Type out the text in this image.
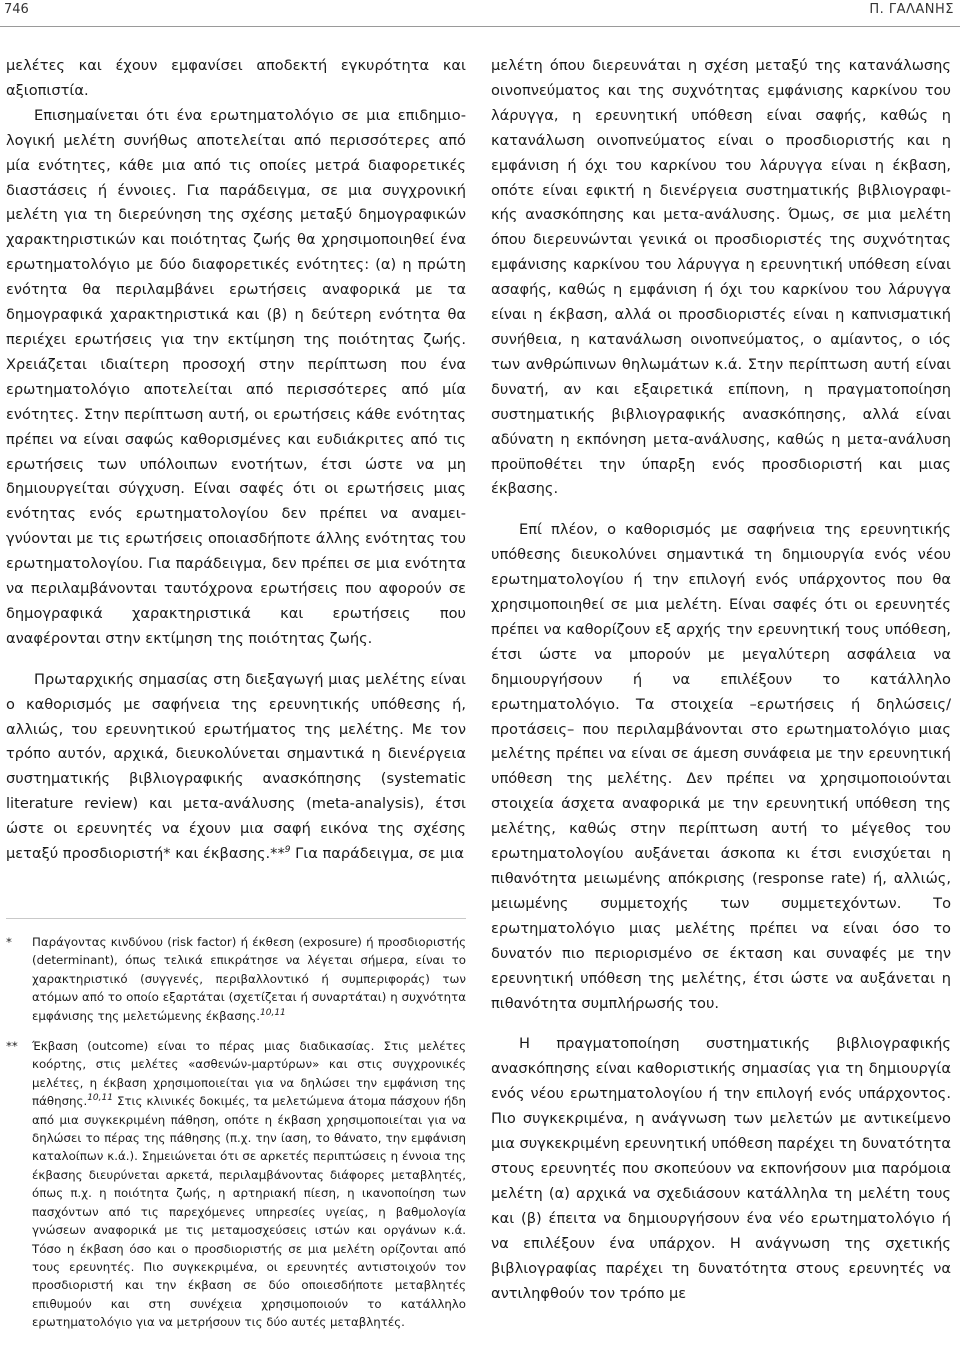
746	Π. ΓΑΛΑΝΗΣ

μελέτες και έχουν εμφανίσει αποδεκτή εγκυρότητα και αξιοπιστία.

Επισημαίνεται ότι ένα ερωτηματολόγιο σε μια επιδημιολογική μελέτη συνήθως αποτελείται από περισσότερες από μία ενότητες, κάθε μια από τις οποίες μετρά διαφορετικές διαστάσεις ή έννοιες. Για παράδειγμα, σε μια συγχρονική μελέτη για τη διερεύνηση της σχέσης μεταξύ δημογραφικών χαρακτηριστικών και ποιότητας ζωής θα χρησιμοποιηθεί ένα ερωτηματολόγιο με δύο διαφορετικές ενότητες: (α) η πρώτη ενότητα θα περιλαμβάνει ερωτήσεις αναφορικά με τα δημογραφικά χαρακτηριστικά και (β) η δεύτερη ενότητα θα περιέχει ερωτήσεις για την εκτίμηση της ποιότητας ζωής. Χρειάζεται ιδιαίτερη προσοχή στην περίπτωση που ένα ερωτηματολόγιο αποτελείται από περισσότερες από μία ενότητες. Στην περίπτωση αυτή, οι ερωτήσεις κάθε ενότητας πρέπει να είναι σαφώς καθορισμένες και ευδιάκριτες από τις ερωτήσεις των υπόλοιπων ενοτήτων, έτσι ώστε να μη δημιουργείται σύγχυση. Είναι σαφές ότι οι ερωτήσεις μιας ενότητας ενός ερωτηματολογίου δεν πρέπει να αναμειγνύονται με τις ερωτήσεις οποιασδήποτε άλλης ενότητας του ερωτηματολογίου. Για παράδειγμα, δεν πρέπει σε μια ενότητα να περιλαμβάνονται ταυτόχρονα ερωτήσεις που αφορούν σε δημογραφικά χαρακτηριστικά και ερωτήσεις που αναφέρονται στην εκτίμηση της ποιότητας ζωής.

Πρωταρχικής σημασίας στη διεξαγωγή μιας μελέτης είναι ο καθορισμός με σαφήνεια της ερευνητικής υπόθεσης ή, αλλιώς, του ερευνητικού ερωτήματος της μελέτης. Με τον τρόπο αυτόν, αρχικά, διευκολύνεται σημαντικά η διενέργεια συστηματικής βιβλιογραφικής ανασκόπησης (systematic literature review) και μετα-ανάλυσης (meta-analysis), έτσι ώστε οι ερευνητές να έχουν μια σαφή εικόνα της σχέσης μεταξύ προσδιοριστή* και έκβασης.**$^9$ Για παράδειγμα, σε μια

* Παράγοντας κινδύνου (risk factor) ή έκθεση (exposure) ή προσδιοριστής (determinant), όπως τελικά επικράτησε να λέγεται σήμερα, είναι το χαρακτηριστικό (συγγενές, περιβαλλοντικό ή συμπεριφοράς) των ατόμων από το οποίο εξαρτάται (σχετίζεται ή συναρτάται) η συχνότητα εμφάνισης της μελετώμενης έκβασης.$^{10,11}$

** Έκβαση (outcome) είναι το πέρας μιας διαδικασίας. Στις μελέτες κοόρτης, στις μελέτες «ασθενών-μαρτύρων» και στις συγχρονικές μελέτες, η έκβαση χρησιμοποιείται για να δηλώσει την εμφάνιση της πάθησης.$^{10,11}$ Στις κλινικές δοκιμές, τα μελετώμενα άτομα πάσχουν ήδη από μια συγκεκριμένη πάθηση, οπότε η έκβαση χρησιμοποιείται για να δηλώσει το πέρας της πάθησης (π.χ. την ίαση, το θάνατο, την εμφάνιση καταλοίπων κ.ά.). Σημειώνεται ότι σε αρκετές περιπτώσεις η έννοια της έκβασης διευρύνεται αρκετά, περιλαμβάνοντας διάφορες μεταβλητές, όπως π.χ. η ποιότητα ζωής, η αρτηριακή πίεση, η ικανοποίηση των πασχόντων από τις παρεχόμενες υπηρεσίες υγείας, η βαθμολογία γνώσεων αναφορικά με τις μεταμοσχεύσεις ιστών και οργάνων κ.ά. Τόσο η έκβαση όσο και ο προσδιοριστής σε μια μελέτη ορίζονται από τους ερευνητές. Πιο συγκεκριμένα, οι ερευνητές αντιστοιχούν τον προσδιοριστή και την έκβαση σε δύο οποιεσδήποτε μεταβλητές επιθυμούν και στη συνέχεια χρησιμοποιούν το κατάλληλο ερωτηματολόγιο για να μετρήσουν τις δύο αυτές μεταβλητές.

μελέτη όπου διερευνάται η σχέση μεταξύ της κατανάλωσης οινοπνεύματος και της συχνότητας εμφάνισης καρκίνου του λάρυγγα, η ερευνητική υπόθεση είναι σαφής, καθώς η κατανάλωση οινοπνεύματος είναι ο προσδιοριστής και η εμφάνιση ή όχι του καρκίνου του λάρυγγα είναι η έκβαση, οπότε είναι εφικτή η διενέργεια συστηματικής βιβλιογραφικής ανασκόπησης και μετα-ανάλυσης. Όμως, σε μια μελέτη όπου διερευνώνται γενικά οι προσδιοριστές της συχνότητας εμφάνισης καρκίνου του λάρυγγα η ερευνητική υπόθεση είναι ασαφής, καθώς η εμφάνιση ή όχι του καρκίνου του λάρυγγα είναι η έκβαση, αλλά οι προσδιοριστές είναι η καπνισματική συνήθεια, η κατανάλωση οινοπνεύματος, ο αμίαντος, ο ιός των ανθρώπινων θηλωμάτων κ.ά. Στην περίπτωση αυτή είναι δυνατή, αν και εξαιρετικά επίπονη, η πραγματοποίηση συστηματικής βιβλιογραφικής ανασκόπησης, αλλά είναι αδύνατη η εκπόνηση μετα-ανάλυσης, καθώς η μετα-ανάλυση προϋποθέτει την ύπαρξη ενός προσδιοριστή και μιας έκβασης.

Επί πλέον, ο καθορισμός με σαφήνεια της ερευνητικής υπόθεσης διευκολύνει σημαντικά τη δημιουργία ενός νέου ερωτηματολογίου ή την επιλογή ενός υπάρχοντος που θα χρησιμοποιηθεί σε μια μελέτη. Είναι σαφές ότι οι ερευνητές πρέπει να καθορίζουν εξ αρχής την ερευνητική τους υπόθεση, έτσι ώστε να μπορούν με μεγαλύτερη ασφάλεια να δημιουργήσουν ή να επιλέξουν το κατάλληλο ερωτηματολόγιο. Τα στοιχεία –ερωτήσεις ή δηλώσεις/ προτάσεις– που περιλαμβάνονται στο ερωτηματολόγιο μιας μελέτης πρέπει να είναι σε άμεση συνάφεια με την ερευνητική υπόθεση της μελέτης. Δεν πρέπει να χρησιμοποιούνται στοιχεία άσχετα αναφορικά με την ερευνητική υπόθεση της μελέτης, καθώς στην περίπτωση αυτή το μέγεθος του ερωτηματολογίου αυξάνεται άσκοπα κι έτσι ενισχύεται η πιθανότητα μειωμένης απόκρισης (response rate) ή, αλλιώς, μειωμένης συμμετοχής των συμμετεχόντων. Το ερωτηματολόγιο μιας μελέτης πρέπει να είναι όσο το δυνατόν πιο περιορισμένο σε έκταση και συναφές με την ερευνητική υπόθεση της μελέτης, έτσι ώστε να αυξάνεται η πιθανότητα συμπλήρωσής του.

Η πραγματοποίηση συστηματικής βιβλιογραφικής ανασκόπησης είναι καθοριστικής σημασίας για τη δημιουργία ενός νέου ερωτηματολογίου ή την επιλογή ενός υπάρχοντος. Πιο συγκεκριμένα, η ανάγνωση των μελετών με αντικείμενο μια συγκεκριμένη ερευνητική υπόθεση παρέχει τη δυνατότητα στους ερευνητές που σκοπεύουν να εκπονήσουν μια παρόμοια μελέτη (α) αρχικά να σχεδιάσουν κατάλληλα τη μελέτη τους και (β) έπειτα να δημιουργήσουν ένα νέο ερωτηματολόγιο ή να επιλέξουν ένα υπάρχον. Η ανάγνωση της σχετικής βιβλιογραφίας παρέχει τη δυνατότητα στους ερευνητές να αντιληφθούν τον τρόπο με
